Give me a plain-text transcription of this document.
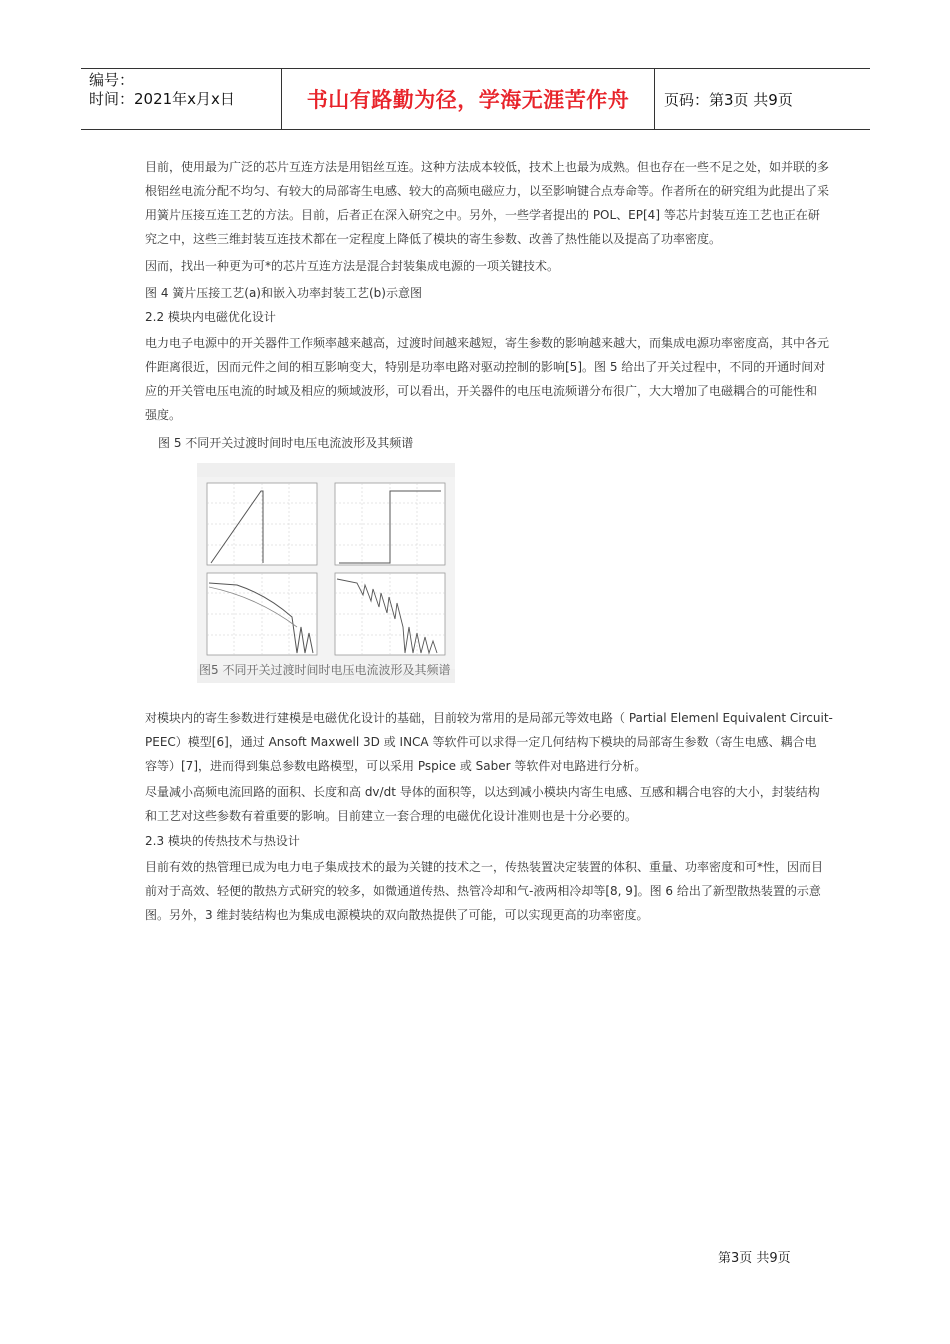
编号：
时间：2021年x月x日	书山有路勤为径，学海无涯苦作舟	页码：第3页 共9页
目前，使用最为广泛的芯片互连方法是用铝丝互连。这种方法成本较低，技术上也最为成熟。但也存在一些不足之处，如并联的多
根铝丝电流分配不均匀、有较大的局部寄生电感、较大的高频电磁应力，以至影响键合点寿命等。作者所在的研究组为此提出了采
用簧片压接互连工艺的方法。目前，后者正在深入研究之中。另外，一些学者提出的 POL、EP[4] 等芯片封装互连工艺也正在研
究之中，这些三维封装互连技术都在一定程度上降低了模块的寄生参数、改善了热性能以及提高了功率密度。
因而，找出一种更为可*的芯片互连方法是混合封装集成电源的一项关键技术。
图 4 簧片压接工艺(a)和嵌入功率封装工艺(b)示意图
2.2 模块内电磁优化设计
电力电子电源中的开关器件工作频率越来越高，过渡时间越来越短，寄生参数的影响越来越大，而集成电源功率密度高，其中各元
件距离很近，因而元件之间的相互影响变大，特别是功率电路对驱动控制的影响[5]。图 5 给出了开关过程中，不同的开通时间对
应的开关管电压电流的时域及相应的频域波形，可以看出，开关器件的电压电流频谱分布很广，大大增加了电磁耦合的可能性和
强度。
图 5 不同开关过渡时间时电压电流波形及其频谱
图5 不同开关过渡时间时电压电流波形及其频谱
对模块内的寄生参数进行建模是电磁优化设计的基础，目前较为常用的是局部元等效电路（ Partial Elemenl Equivalent Circuit-
PEEC）模型[6]，通过 Ansoft Maxwell 3D 或 INCA 等软件可以求得一定几何结构下模块的局部寄生参数（寄生电感、耦合电
容等）[7]，进而得到集总参数电路模型，可以采用 Pspice 或 Saber 等软件对电路进行分析。
尽量减小高频电流回路的面积、长度和高 dv/dt 导体的面积等，以达到减小模块内寄生电感、互感和耦合电容的大小，封装结构
和工艺对这些参数有着重要的影响。目前建立一套合理的电磁优化设计准则也是十分必要的。
2.3 模块的传热技术与热设计
目前有效的热管理已成为电力电子集成技术的最为关键的技术之一，传热装置决定装置的体积、重量、功率密度和可*性，因而目
前对于高效、轻便的散热方式研究的较多，如微通道传热、热管冷却和气-液两相冷却等[8, 9]。图 6 给出了新型散热装置的示意
图。另外，3 维封装结构也为集成电源模块的双向散热提供了可能，可以实现更高的功率密度。
第3页 共9页
